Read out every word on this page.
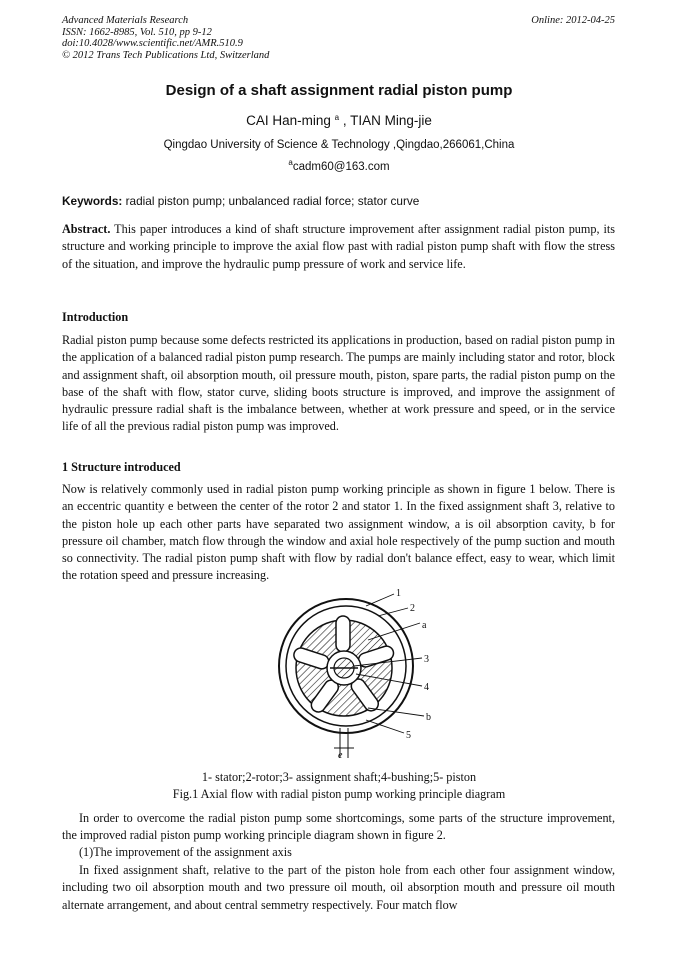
Advanced Materials Research
ISSN: 1662-8985, Vol. 510, pp 9-12
doi:10.4028/www.scientific.net/AMR.510.9
© 2012 Trans Tech Publications Ltd, Switzerland
Online: 2012-04-25
Design of a shaft assignment radial piston pump
CAI Han-ming $^a$ , TIAN Ming-jie
Qingdao University of Science & Technology ,Qingdao,266061,China
$^a$cadm60@163.com
Keywords: radial piston pump; unbalanced radial force; stator curve
Abstract. This paper introduces a kind of shaft structure improvement after assignment radial piston pump, its structure and working principle to improve the axial flow past with radial piston pump shaft with flow the stress of the situation, and improve the hydraulic pump pressure of work and service life.
Introduction
Radial piston pump because some defects restricted its applications in production, based on radial piston pump in the application of a balanced radial piston pump research. The pumps are mainly including stator and rotor, block and assignment shaft, oil absorption mouth, oil pressure mouth, piston, spare parts, the radial piston pump on the base of the shaft with flow, stator curve, sliding boots structure is improved, and improve the assignment of hydraulic pressure radial shaft is the imbalance between, whether at work pressure and speed, or in the service life of all the previous radial piston pump was improved.
1 Structure introduced
Now is relatively commonly used in radial piston pump working principle as shown in figure 1 below. There is an eccentric quantity e between the center of the rotor 2 and stator 1. In the fixed assignment shaft 3, relative to the piston hole up each other parts have separated two assignment window, a is oil absorption cavity, b for pressure oil chamber, match flow through the window and axial hole respectively of the pump suction and mouth so connectivity. The radial piston pump shaft with flow by radial don't balance effect, easy to wear, which limit the rotation speed and pressure increasing.
1
2
a
3
4
b
5
e
1- stator;2-rotor;3- assignment shaft;4-bushing;5- piston
Fig.1 Axial flow with radial piston pump working principle diagram
In order to overcome the radial piston pump some shortcomings, some parts of the structure improvement, the improved radial piston pump working principle diagram shown in figure 2.
(1)The improvement of the assignment axis
In fixed assignment shaft, relative to the part of the piston hole from each other four assignment window, including two oil absorption mouth and two pressure oil mouth, oil absorption mouth and pressure oil mouth alternate arrangement, and about central semmetry respectively. Four match flow
